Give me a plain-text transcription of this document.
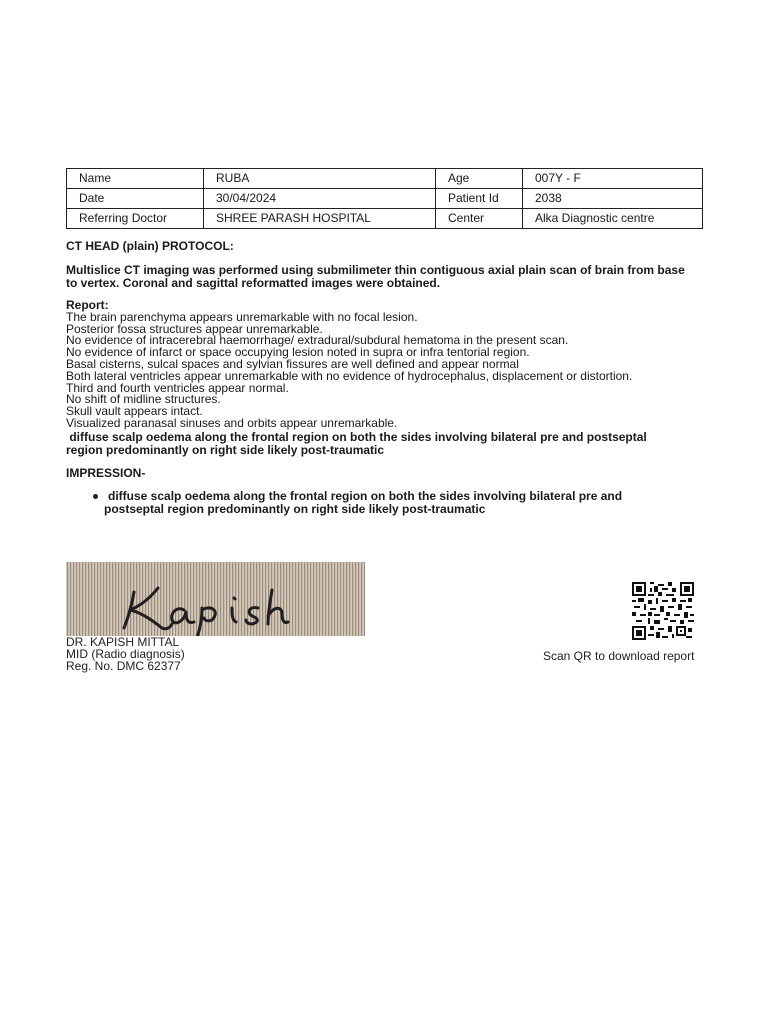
Name	RUBA	Age	007Y - F
Date	30/04/2024	Patient Id	2038
Referring Doctor	SHREE PARASH HOSPITAL	Center	Alka Diagnostic centre
CT HEAD (plain) PROTOCOL:
Multislice CT imaging was performed using submilimeter thin contiguous axial plain scan of brain from base to vertex. Coronal and sagittal reformatted images were obtained.
Report:
The brain parenchyma appears unremarkable with no focal lesion.
Posterior fossa structures appear unremarkable.
No evidence of intracerebral haemorrhage/ extradural/subdural hematoma in the present scan.
No evidence of infarct or space occupying lesion noted in supra or infra tentorial region.
Basal cisterns, sulcal spaces and sylvian fissures are well defined and appear normal
Both lateral ventricles appear unremarkable with no evidence of hydrocephalus, displacement or distortion.
Third and fourth ventricles appear normal.
No shift of midline structures.
Skull vault appears intact.
Visualized paranasal sinuses and orbits appear unremarkable.
diffuse scalp oedema along the frontal region on both the sides involving bilateral pre and postseptal region predominantly on right side likely post-traumatic
IMPRESSION-
diffuse scalp oedema along the frontal region on both the sides involving bilateral pre and postseptal region predominantly on right side likely post-traumatic
DR. KAPISH MITTAL
MID (Radio diagnosis)
Reg. No. DMC 62377
Scan QR to download report
